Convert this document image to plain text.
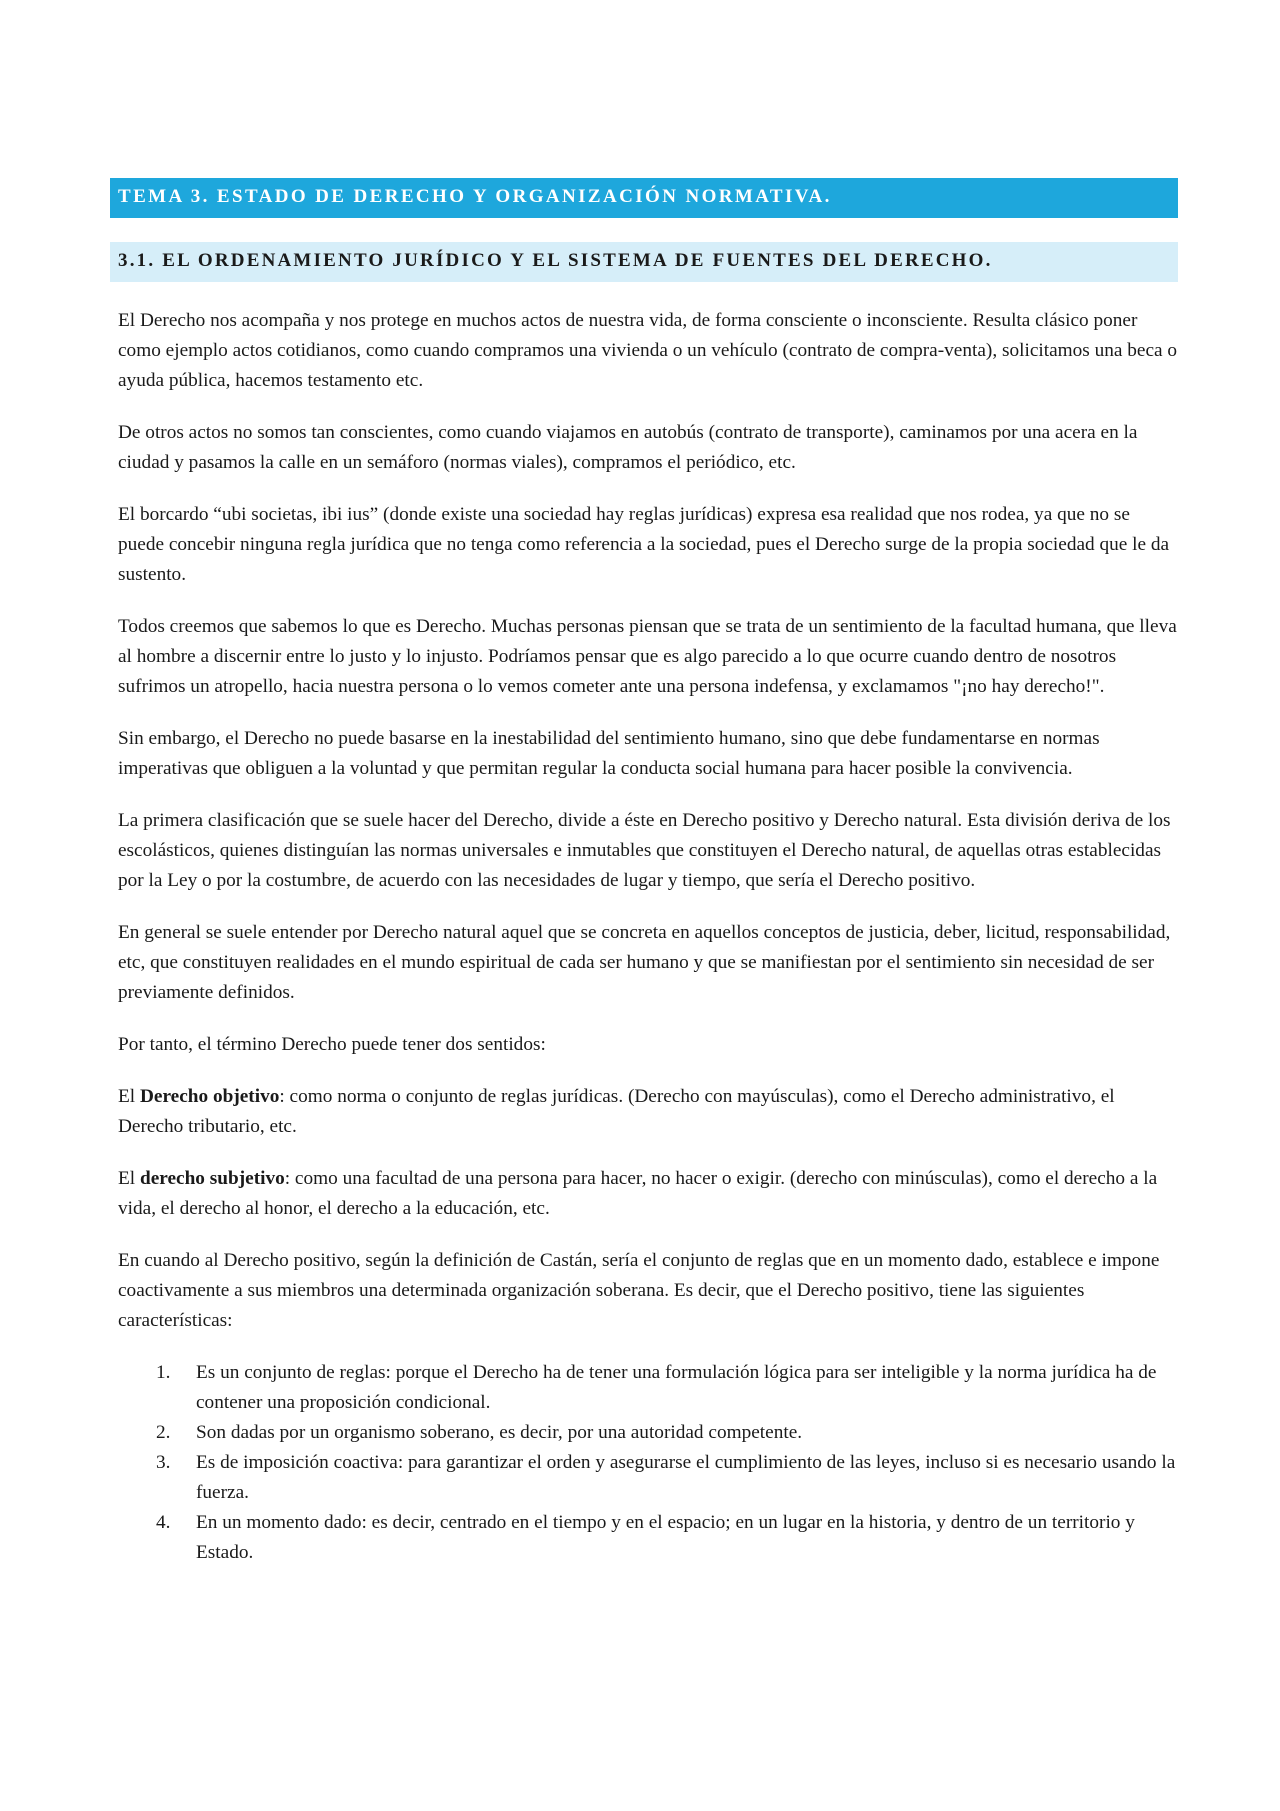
TEMA 3. ESTADO DE DERECHO Y ORGANIZACIÓN NORMATIVA.
3.1. EL ORDENAMIENTO JURÍDICO Y EL SISTEMA DE FUENTES DEL DERECHO.

El Derecho nos acompaña y nos protege en muchos actos de nuestra vida, de forma consciente o inconsciente. Resulta clásico poner como ejemplo actos cotidianos, como cuando compramos una vivienda o un vehículo (contrato de compra-venta), solicitamos una beca o ayuda pública, hacemos testamento etc.

De otros actos no somos tan conscientes, como cuando viajamos en autobús (contrato de transporte), caminamos por una acera en la ciudad y pasamos la calle en un semáforo (normas viales), compramos el periódico, etc.

El borcardo “ubi societas, ibi ius” (donde existe una sociedad hay reglas jurídicas) expresa esa realidad que nos rodea, ya que no se puede concebir ninguna regla jurídica que no tenga como referencia a la sociedad, pues el Derecho surge de la propia sociedad que le da sustento.

Todos creemos que sabemos lo que es Derecho. Muchas personas piensan que se trata de un sentimiento de la facultad humana, que lleva al hombre a discernir entre lo justo y lo injusto. Podríamos pensar que es algo parecido a lo que ocurre cuando dentro de nosotros sufrimos un atropello, hacia nuestra persona o lo vemos cometer ante una persona indefensa, y exclamamos "¡no hay derecho!".

Sin embargo, el Derecho no puede basarse en la inestabilidad del sentimiento humano, sino que debe fundamentarse en normas imperativas que obliguen a la voluntad y que permitan regular la conducta social humana para hacer posible la convivencia.

La primera clasificación que se suele hacer del Derecho, divide a éste en Derecho positivo y Derecho natural. Esta división deriva de los escolásticos, quienes distinguían las normas universales e inmutables que constituyen el Derecho natural, de aquellas otras establecidas por la Ley o por la costumbre, de acuerdo con las necesidades de lugar y tiempo, que sería el Derecho positivo.

En general se suele entender por Derecho natural aquel que se concreta en aquellos conceptos de justicia, deber, licitud, responsabilidad, etc, que constituyen realidades en el mundo espiritual de cada ser humano y que se manifiestan por el sentimiento sin necesidad de ser previamente definidos.

Por tanto, el término Derecho puede tener dos sentidos:

El Derecho objetivo: como norma o conjunto de reglas jurídicas. (Derecho con mayúsculas), como el Derecho administrativo, el Derecho tributario, etc.

El derecho subjetivo: como una facultad de una persona para hacer, no hacer o exigir. (derecho con minúsculas), como el derecho a la vida, el derecho al honor, el derecho a la educación, etc.

En cuando al Derecho positivo, según la definición de Castán, sería el conjunto de reglas que en un momento dado, establece e impone coactivamente a sus miembros una determinada organización soberana. Es decir, que el Derecho positivo, tiene las siguientes características:

1.	Es un conjunto de reglas: porque el Derecho ha de tener una formulación lógica para ser inteligible y la norma jurídica ha de contener una proposición condicional.
2.	Son dadas por un organismo soberano, es decir, por una autoridad competente.
3.	Es de imposición coactiva: para garantizar el orden y asegurarse el cumplimiento de las leyes, incluso si es necesario usando la fuerza.
4.	En un momento dado: es decir, centrado en el tiempo y en el espacio; en un lugar en la historia, y dentro de un territorio y Estado.
